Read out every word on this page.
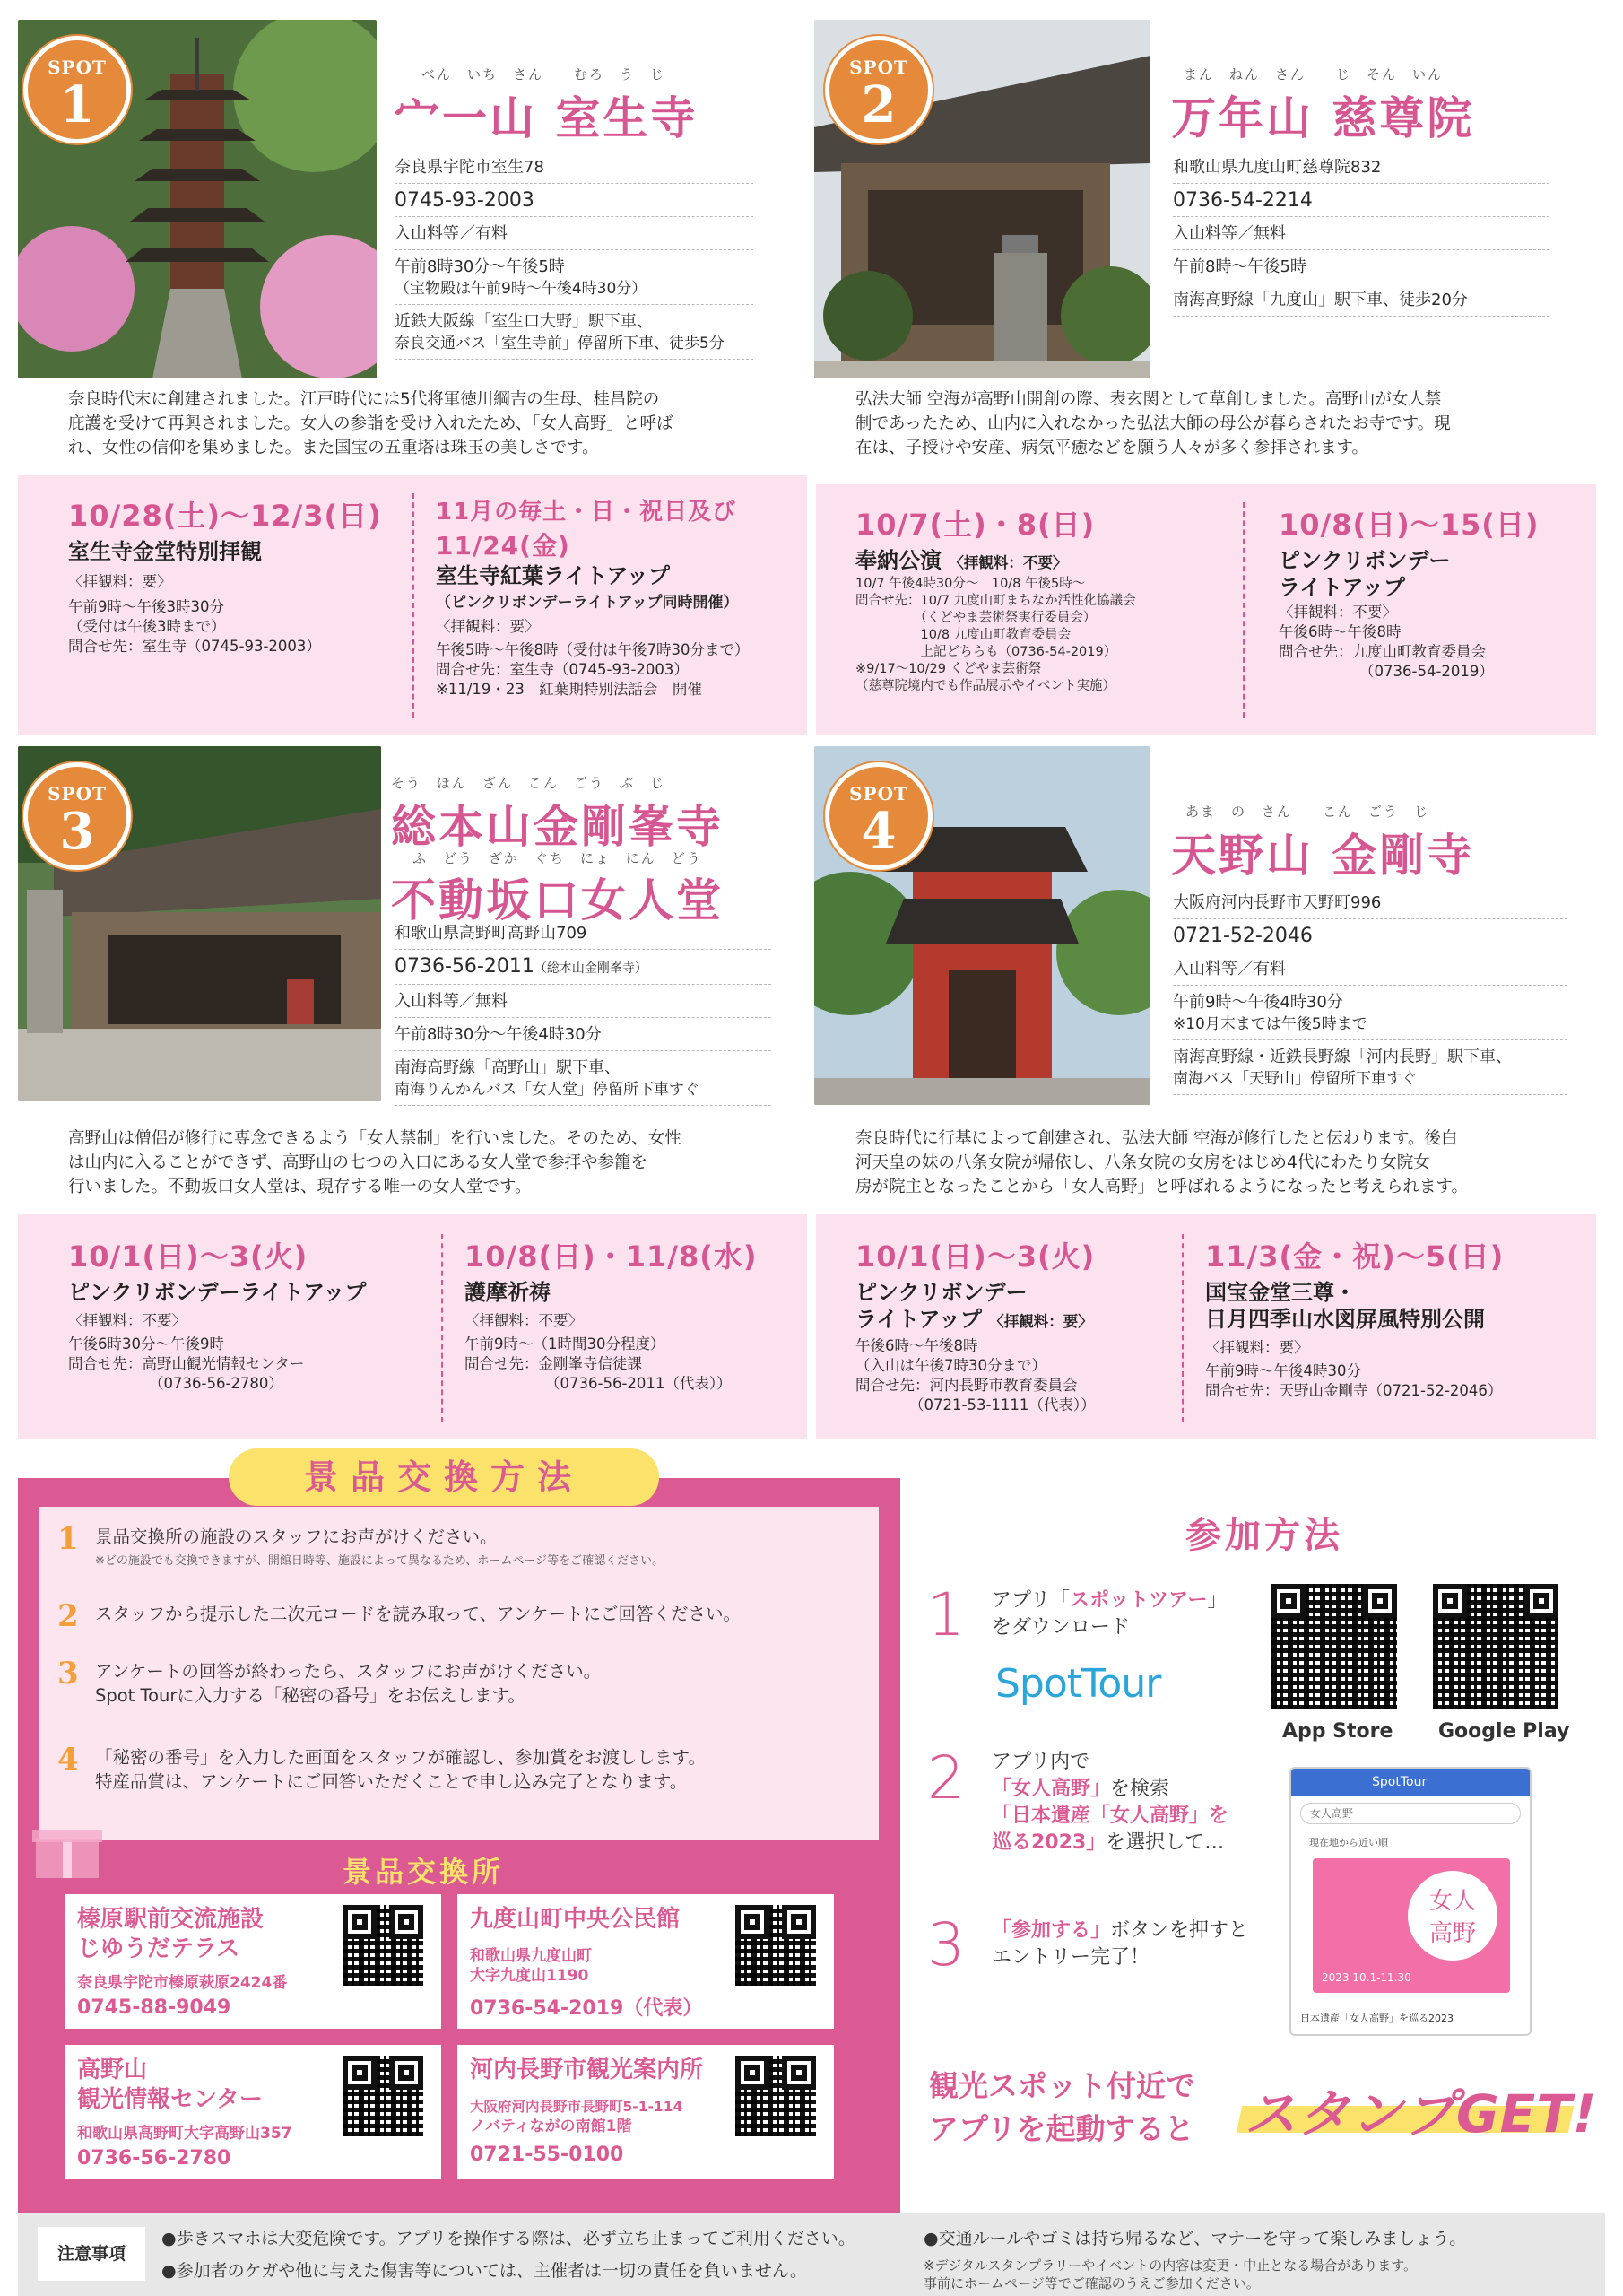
SPOT
1
べん　いち　さん　　むろ　う　じ
宀一山 室生寺
奈良県宇陀市室生78
0745-93-2003
入山料等／有料
午前8時30分～午後5時
（宝物殿は午前9時～午後4時30分）
近鉄大阪線「室生口大野」駅下車、
奈良交通バス「室生寺前」停留所下車、徒歩5分
奈良時代末に創建されました。江戸時代には5代将軍徳川綱吉の生母、桂昌院の
庇護を受けて再興されました。女人の参詣を受け入れたため、「女人高野」と呼ば
れ、女性の信仰を集めました。また国宝の五重塔は珠玉の美しさです。
10/28(土)～12/3(日)
室生寺金堂特別拝観
〈拝観料：要〉
午前9時～午後3時30分
（受付は午後3時まで）
問合せ先：室生寺（0745-93-2003）
11月の毎土・日・祝日及び
11/24(金)
室生寺紅葉ライトアップ
（ピンクリボンデーライトアップ同時開催）
〈拝観料：要〉
午後5時～午後8時（受付は午後7時30分まで）
問合せ先：室生寺（0745-93-2003）
※11/19・23　紅葉期特別法話会　開催
SPOT
2
まん　ねん　さん　　じ　そん　いん
万年山 慈尊院
和歌山県九度山町慈尊院832
0736-54-2214
入山料等／無料
午前8時～午後5時
南海高野線「九度山」駅下車、徒歩20分
弘法大師 空海が高野山開創の際、表玄関として草創しました。高野山が女人禁
制であったため、山内に入れなかった弘法大師の母公が暮らされたお寺です。現
在は、子授けや安産、病気平癒などを願う人々が多く参拝されます。
10/7(土)・8(日)
奉納公演 〈拝観料：不要〉
10/7 午後4時30分～　10/8 午後5時～
問合せ先：10/7 九度山町まちなか活性化協議会
　　　　　（くどやま芸術祭実行委員会）
　　　　　10/8 九度山町教育委員会
　　　　　上記どちらも（0736-54-2019）
※9/17～10/29 くどやま芸術祭
（慈尊院境内でも作品展示やイベント実施）
10/8(日)～15(日)
ピンクリボンデー
ライトアップ
〈拝観料：不要〉
午後6時～午後8時
問合せ先：九度山町教育委員会
（0736-54-2019）
SPOT
3
そう　ほん　ざん　こん　ごう　ぶ　じ
総本山金剛峯寺
ふ　どう　ざか　ぐち　にょ　にん　どう
不動坂口女人堂
和歌山県高野町高野山709
0736-56-2011（総本山金剛峯寺）
入山料等／無料
午前8時30分～午後4時30分
南海高野線「高野山」駅下車、
南海りんかんバス「女人堂」停留所下車すぐ
高野山は僧侶が修行に専念できるよう「女人禁制」を行いました。そのため、女性
は山内に入ることができず、高野山の七つの入口にある女人堂で参拝や参籠を
行いました。不動坂口女人堂は、現存する唯一の女人堂です。
10/1(日)～3(火)
ピンクリボンデーライトアップ
〈拝観料：不要〉
午後6時30分～午後9時
問合せ先：高野山観光情報センター
（0736-56-2780）
10/8(日)・11/8(水)
護摩祈祷
〈拝観料：不要〉
午前9時～（1時間30分程度）
問合せ先：金剛峯寺信徒課
（0736-56-2011（代表））
SPOT
4	あま　の　さん　　こん　ごう　じ
天野山 金剛寺
大阪府河内長野市天野町996
0721-52-2046
入山料等／有料
午前9時～午後4時30分
※10月末までは午後5時まで
南海高野線・近鉄長野線「河内長野」駅下車、
南海バス「天野山」停留所下車すぐ
奈良時代に行基によって創建され、弘法大師 空海が修行したと伝わります。後白
河天皇の妹の八条女院が帰依し、八条女院の女房をはじめ4代にわたり女院女
房が院主となったことから「女人高野」と呼ばれるようになったと考えられます。
10/1(日)～3(火)
ピンクリボンデー
ライトアップ 〈拝観料：要〉
午後6時～午後8時
（入山は午後7時30分まで）
問合せ先：河内長野市教育委員会
（0721-53-1111（代表））
11/3(金・祝)～5(日)
国宝金堂三尊・
日月四季山水図屏風特別公開
〈拝観料：要〉
午前9時～午後4時30分
問合せ先：天野山金剛寺（0721-52-2046）
景品交換方法
1 景品交換所の施設のスタッフにお声がけください。
※どの施設でも交換できますが、開館日時等、施設によって異なるため、ホームページ等をご確認ください。
2 スタッフから提示した二次元コードを読み取って、アンケートにご回答ください。
3 アンケートの回答が終わったら、スタッフにお声がけください。
Spot Tourに入力する「秘密の番号」をお伝えします。
4 「秘密の番号」を入力した画面をスタッフが確認し、参加賞をお渡しします。
特産品賞は、アンケートにご回答いただくことで申し込み完了となります。
景品交換所
榛原駅前交流施設
じゆうだテラス
奈良県宇陀市榛原萩原2424番
0745-88-9049
九度山町中央公民館
和歌山県九度山町
大字九度山1190
0736-54-2019（代表）
高野山
観光情報センター
和歌山県高野町大字高野山357
0736-56-2780
河内長野市観光案内所
大阪府河内長野市長野町5-1-114
ノバティながの南館1階
0721-55-0100
参加方法
1 アプリ「スポットツアー」
をダウンロード
SpotTour
App Store Google Play
2 アプリ内で
「女人高野」を検索
「日本遺産「女人高野」を
巡る2023」を選択して…
SpotTour
女人高野
現在地から近い順
女人
高野
2023 10.1-11.30
日本遺産「女人高野」を巡る2023
3 「参加する」ボタンを押すと
エントリー完了！
観光スポット付近で
アプリを起動すると スタンプGET!
注意事項
●歩きスマホは大変危険です。アプリを操作する際は、必ず立ち止まってご利用ください。
●参加者のケガや他に与えた傷害等については、主催者は一切の責任を負いません。
●交通ルールやゴミは持ち帰るなど、マナーを守って楽しみましょう。
※デジタルスタンプラリーやイベントの内容は変更・中止となる場合があります。
事前にホームページ等でご確認のうえご参加ください。
